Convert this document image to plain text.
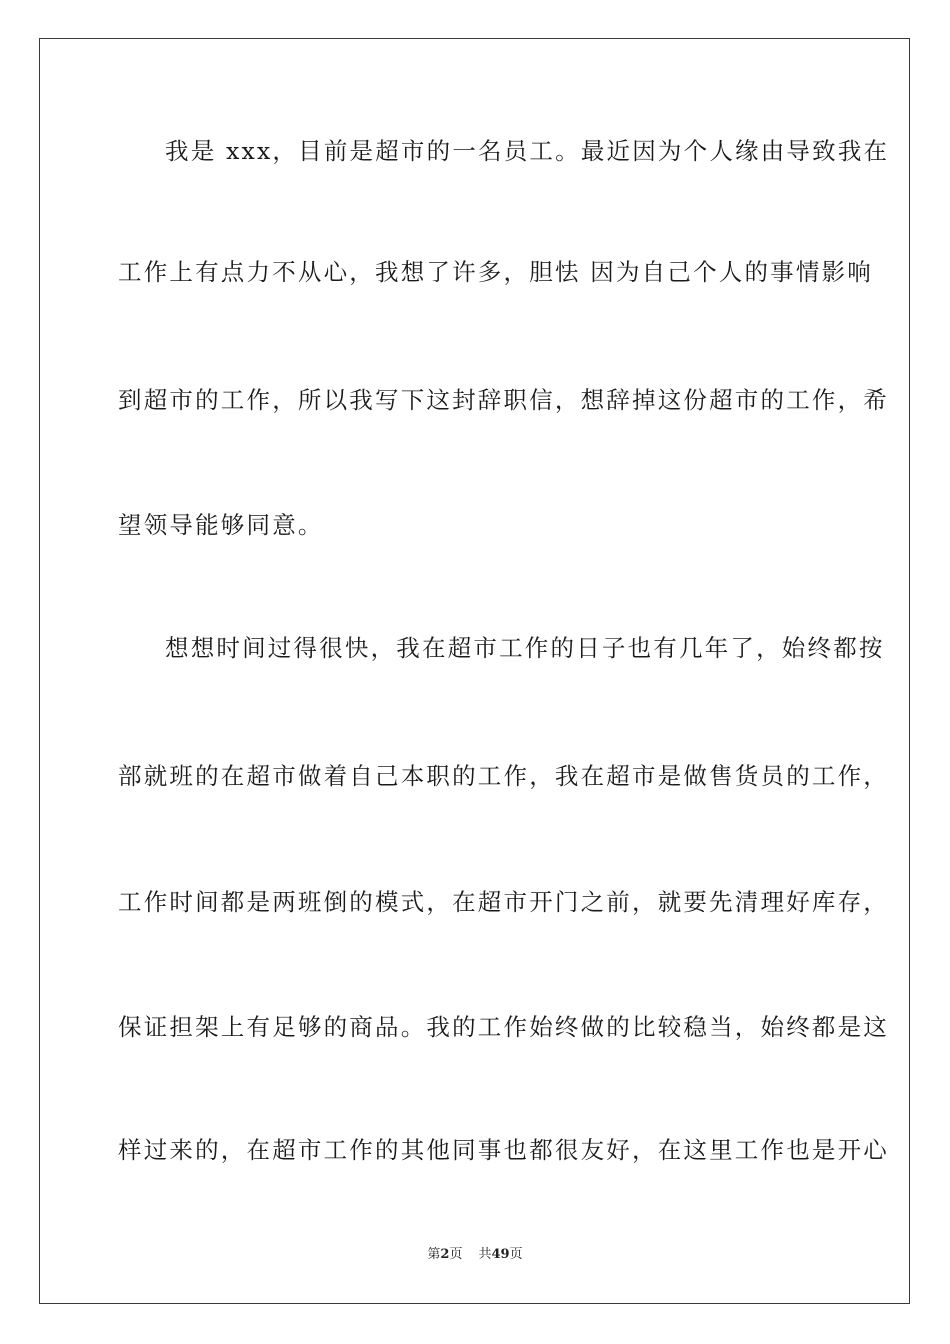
我是 xxx，目前是超市的一名员工。最近因为个人缘由导致我在
工作上有点力不从心，我想了许多，胆怯 因为自己个人的事情影响
到超市的工作，所以我写下这封辞职信，想辞掉这份超市的工作，希
望领导能够同意。
想想时间过得很快，我在超市工作的日子也有几年了，始终都按
部就班的在超市做着自己本职的工作，我在超市是做售货员的工作，
工作时间都是两班倒的模式，在超市开门之前，就要先清理好库存，
保证担架上有足够的商品。我的工作始终做的比较稳当，始终都是这
样过来的，在超市工作的其他同事也都很友好，在这里工作也是开心
第2页 共49页
